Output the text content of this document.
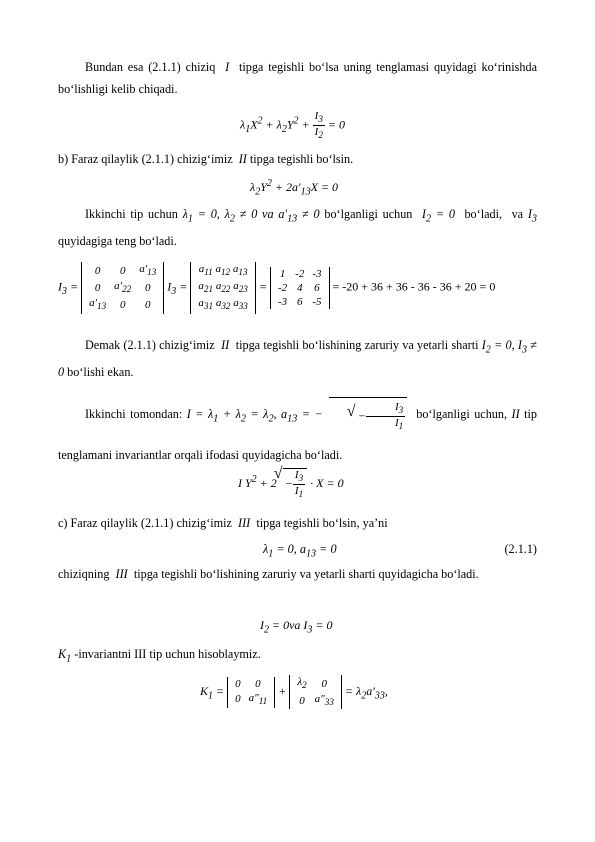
Bundan esa (2.1.1) chiziq  I  tipga tegishli bo‘lsa uning tenglamasi quyidagi ko‘rinishda bo‘lishligi kelib chiqadi.
$\lambda_1X^2 + \lambda_2Y^2 + \frac{I_3}{I_2} = 0$
b) Faraz qilaylik (2.1.1) chizig‘imiz  II tipga tegishli bo‘lsin.
$\lambda_2Y^2 + 2a'_{13}X = 0$
Ikkinchi tip uchun $\lambda_1 = 0$, $\lambda_2 \ne 0$ va $a'_{13} \ne 0$ bo‘lganligi uchun  $I_2 = 0$  bo‘ladi,  va $I_3$ quyidagiga teng bo‘ladi.
$I_3$ =
0	0	$a'_{13}$
0	$a'_{22}$	0
$a'_{13}$	0	0
$I_3$ =
$a_{11}$ $a_{12}$ $a_{13}$
$a_{21}$ $a_{22}$ $a_{23}$
$a_{31}$ $a_{32}$ $a_{33}$
=
1	-2	-3
-2	4	6
-3	6	-5
= -20 + 36 + 36 - 36 - 36 + 20 = 0
Demak (2.1.1) chizig‘imiz  II  tipga tegishli bo‘lishining zaruriy va yetarli sharti $I_2 = 0$, $I_3 \ne 0$ bo‘lishi ekan.
Ikkinchi tomondan: $I = \lambda_1 + \lambda_2 = \lambda_2$, $a_{13}$ = −	√ − $\frac{I_3}{I_1}$ bo‘lganligi uchun, II tip tenglamani invariantlar orqali ifodasi quyidagicha bo‘ladi.
I $Y^2 + 2$ √ − $\frac{I_3}{I_1} \cdot X = 0$
c) Faraz qilaylik (2.1.1) chizig‘imiz  III  tipga tegishli bo‘lsin, ya’ni
$\lambda_1 = 0$, $a_{13} = 0$	(2.1.1)
chiziqning  III  tipga tegishli bo‘lishining zaruriy va yetarli sharti quyidagicha bo‘ladi.
$I_2 = 0va$ $I_3 = 0$
$K_1$ -invariantni III tip uchun hisoblaymiz.
$K_1$ =
0	0
0	$a''_{11}$
+
$\lambda_2$	0
0	$a''_{33}$
= $\lambda_2a'_{33}$,
